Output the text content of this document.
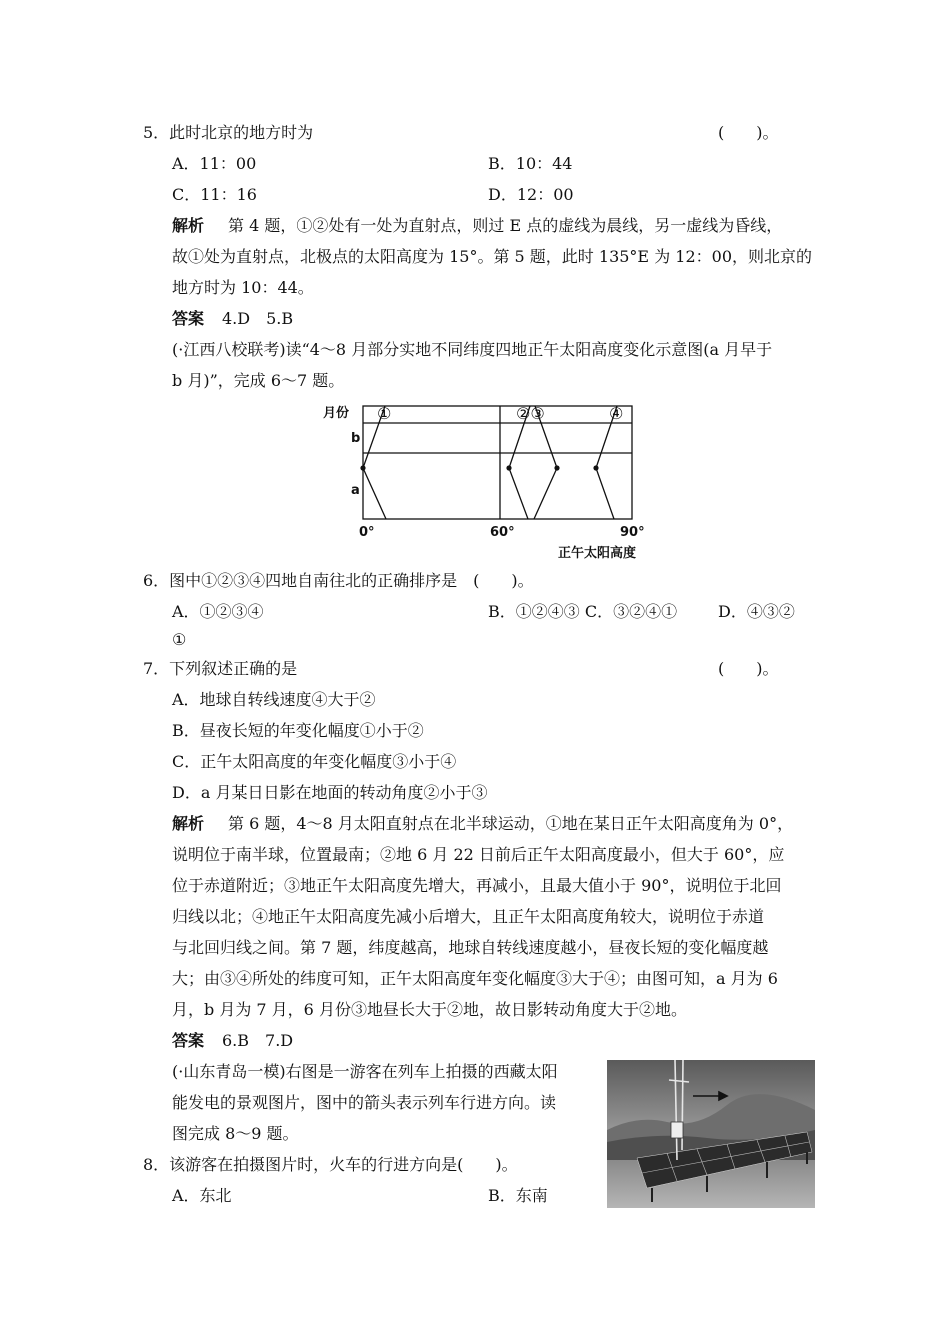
5．此时北京的地方时为	(　　)。
A．11：00	B．10：44
C．11：16	D．12：00
解析 第 4 题，①②处有一处为直射点，则过 E 点的虚线为晨线，另一虚线为昏线，
故①处为直射点，北极点的太阳高度为 15°。第 5 题，此时 135°E 为 12：00，则北京的
地方时为 10：44。
答案 4.D　5.B
(·江西八校联考)读“4～8 月部分实地不同纬度四地正午太阳高度变化示意图(a 月早于
b 月)”，完成 6～7 题。
月份
b
a
0°	60°	90°
正午太阳高度
①	②③	④
6．图中①②③④四地自南往北的正确排序是　(　　)。
A．①②③④	B．①②④③ C．③②④①	D．④③②
①
7．下列叙述正确的是	(　　)。
A．地球自转线速度④大于②
B．昼夜长短的年变化幅度①小于②
C．正午太阳高度的年变化幅度③小于④
D．a 月某日日影在地面的转动角度②小于③
解析 第 6 题，4～8 月太阳直射点在北半球运动，①地在某日正午太阳高度角为 0°，
说明位于南半球，位置最南；②地 6 月 22 日前后正午太阳高度最小，但大于 60°，应
位于赤道附近；③地正午太阳高度先增大，再减小，且最大值小于 90°，说明位于北回
归线以北；④地正午太阳高度先减小后增大，且正午太阳高度角较大，说明位于赤道
与北回归线之间。第 7 题，纬度越高，地球自转线速度越小，昼夜长短的变化幅度越
大；由③④所处的纬度可知，正午太阳高度年变化幅度③大于④；由图可知，a 月为 6
月，b 月为 7 月，6 月份③地昼长大于②地，故日影转动角度大于②地。
答案 6.B　7.D
(·山东青岛一模)右图是一游客在列车上拍摄的西藏太阳
能发电的景观图片，图中的箭头表示列车行进方向。读
图完成 8～9 题。
8．该游客在拍摄图片时，火车的行进方向是(　　)。
A．东北	B．东南
